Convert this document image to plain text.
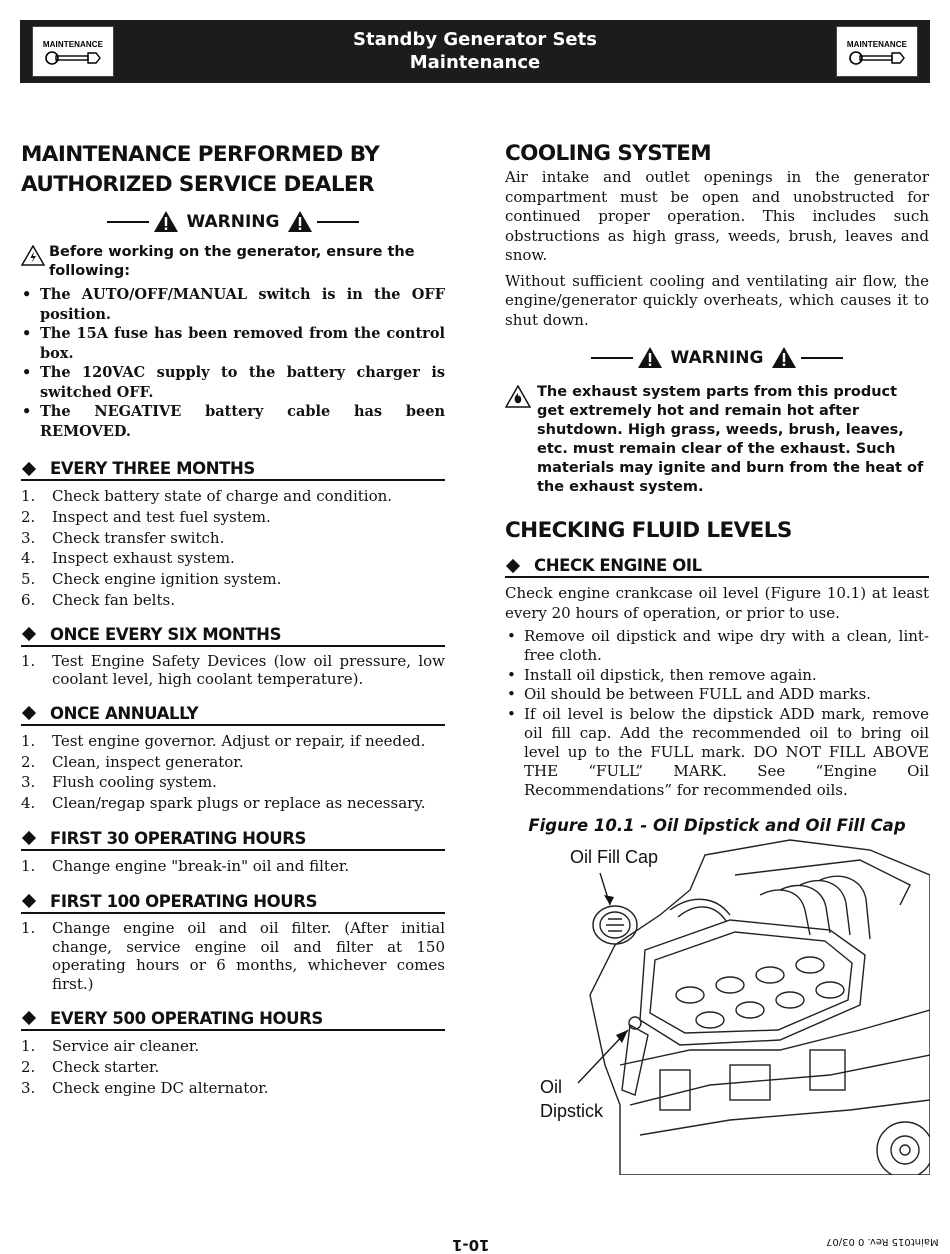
MAINTENANCE	Standby Generator Sets
Maintenance
MAINTENANCE
MAINTENANCE PERFORMED BY
AUTHORIZED SERVICE DEALER
WARNING
Before working on the generator, ensure the following:
• The AUTO/OFF/MANUAL switch is in the OFF position.
• The 15A fuse has been removed from the control box.
• The 120VAC supply to the battery charger is switched OFF.
• The NEGATIVE battery cable has been REMOVED.
EVERY THREE MONTHS
1. Check battery state of charge and condition.
2. Inspect and test fuel system.
3. Check transfer switch.
4. Inspect exhaust system.
5. Check engine ignition system.
6. Check fan belts.
ONCE EVERY SIX MONTHS
1. Test Engine Safety Devices (low oil pressure, low coolant level, high coolant temperature).
ONCE ANNUALLY
1. Test engine governor. Adjust or repair, if needed.
2. Clean, inspect generator.
3. Flush cooling system.
4. Clean/regap spark plugs or replace as necessary.
FIRST 30 OPERATING HOURS
1. Change engine "break-in" oil and filter.
FIRST 100 OPERATING HOURS
1. Change engine oil and oil filter. (After initial change, service engine oil and filter at 150 operating hours or 6 months, whichever comes first.)
EVERY 500 OPERATING HOURS
1. Service air cleaner.
2. Check starter.
3. Check engine DC alternator.
COOLING SYSTEM

Air intake and outlet openings in the generator compartment must be open and unobstructed for continued proper operation. This includes such obstructions as high grass, weeds, brush, leaves and snow.

Without sufficient cooling and ventilating air flow, the engine/generator quickly overheats, which causes it to shut down.

WARNING
The exhaust system parts from this product get extremely hot and remain hot after shutdown. High grass, weeds, brush, leaves, etc. must remain clear of the exhaust. Such materials may ignite and burn from the heat of the exhaust system.
CHECKING FLUID LEVELS
CHECK ENGINE OIL

Check engine crankcase oil level (Figure 10.1) at least every 20 hours of operation, or prior to use.

• Remove oil dipstick and wipe dry with a clean, lint-free cloth.
• Install oil dipstick, then remove again.
• Oil should be between FULL and ADD marks.
• If oil level is below the dipstick ADD mark, remove oil fill cap. Add the recommended oil to bring oil level up to the FULL mark. DO NOT FILL ABOVE THE “FULL” MARK. See “Engine Oil Recommendations” for recommended oils.
Figure 10.1 - Oil Dipstick and Oil Fill Cap
Oil Fill Cap
Oil
Dipstick
10-1	Maint015 Rev. 0 03/07
